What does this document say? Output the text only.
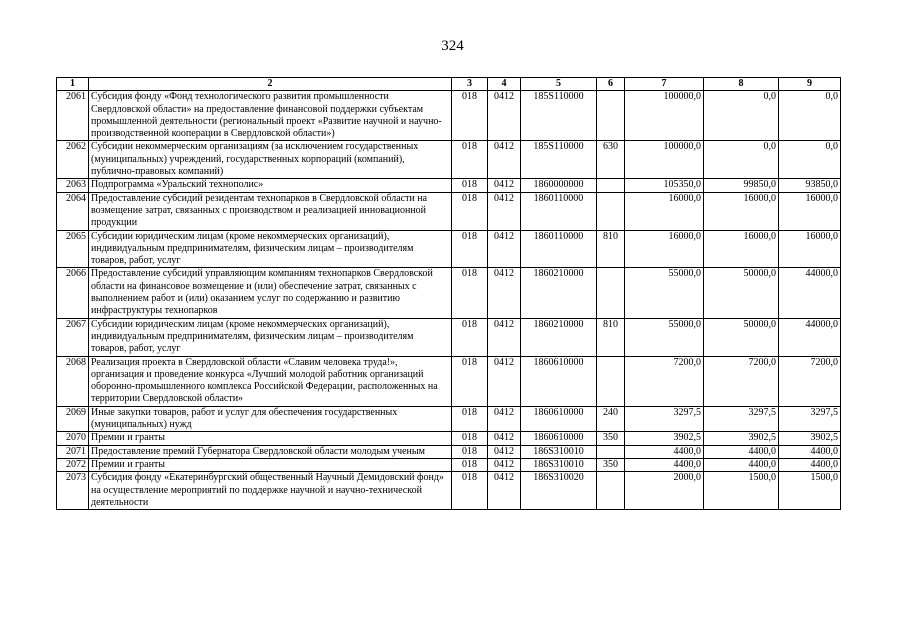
324
1	2	3	4	5	6	7	8	9
2061	Субсидия фонду «Фонд технологического развития промышленности Свердловской области» на предоставление финансовой поддержки субъектам промышленной деятельности (региональный проект «Развитие научной и научно-производственной кооперации в Свердловской области»)	018	0412	185S110000		100000,0	0,0	0,0
2062	Субсидии некоммерческим организациям (за исключением государственных (муниципальных) учреждений, государственных корпораций (компаний), публично-правовых компаний)	018	0412	185S110000	630	100000,0	0,0	0,0
2063	Подпрограмма «Уральский технополис»	018	0412	1860000000		105350,0	99850,0	93850,0
2064	Предоставление субсидий резидентам технопарков в Свердловской области на возмещение затрат, связанных с производством и реализацией инновационной продукции	018	0412	1860110000		16000,0	16000,0	16000,0
2065	Субсидии юридическим лицам (кроме некоммерческих организаций), индивидуальным предпринимателям, физическим лицам – производителям товаров, работ, услуг	018	0412	1860110000	810	16000,0	16000,0	16000,0
2066	Предоставление субсидий управляющим компаниям технопарков Свердловской области на финансовое возмещение и (или) обеспечение затрат, связанных с выполнением работ и (или) оказанием услуг по содержанию и развитию инфраструктуры технопарков	018	0412	1860210000		55000,0	50000,0	44000,0
2067	Субсидии юридическим лицам (кроме некоммерческих организаций), индивидуальным предпринимателям, физическим лицам – производителям товаров, работ, услуг	018	0412	1860210000	810	55000,0	50000,0	44000,0
2068	Реализация проекта в Свердловской области «Славим человека труда!», организация и проведение конкурса «Лучший молодой работник организаций оборонно-промышленного комплекса Российской Федерации, расположенных на территории Свердловской области»	018	0412	1860610000		7200,0	7200,0	7200,0
2069	Иные закупки товаров, работ и услуг для обеспечения государственных (муниципальных) нужд	018	0412	1860610000	240	3297,5	3297,5	3297,5
2070	Премии и гранты	018	0412	1860610000	350	3902,5	3902,5	3902,5
2071	Предоставление премий Губернатора Свердловской области молодым ученым	018	0412	186S310010		4400,0	4400,0	4400,0
2072	Премии и гранты	018	0412	186S310010	350	4400,0	4400,0	4400,0
2073	Субсидия фонду «Екатеринбургский общественный Научный Демидовский фонд» на осуществление мероприятий по поддержке научной и научно-технической деятельности	018	0412	186S310020		2000,0	1500,0	1500,0
